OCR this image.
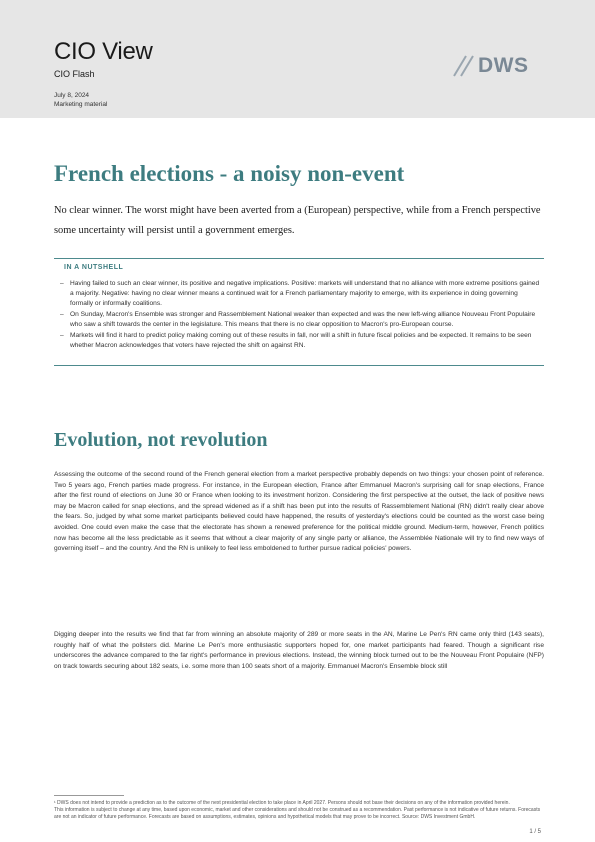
CIO View
CIO Flash
July 8, 2024
Marketing material
DWS
French elections - a noisy non-event

No clear winner. The worst might have been averted from a (European) perspective, while from a French perspective some uncertainty will persist until a government emerges.

IN A NUTSHELL
– Having failed to such an clear winner, its positive and negative implications. Positive: markets will understand that no alliance with more extreme positions gained a majority. Negative: having no clear winner means a continued wait for a French parliamentary majority to emerge, with its experience in doing governing formally or informally coalitions.
– On Sunday, Macron's Ensemble was stronger and Rassemblement National weaker than expected and was the new left-wing alliance Nouveau Front Populaire who saw a shift towards the center in the legislature. This means that there is no clear opposition to Macron's pro-European course.
– Markets will find it hard to predict policy making coming out of these results in fall, nor will a shift in future fiscal policies and be expected. It remains to be seen whether Macron acknowledges that voters have rejected the shift on against RN.
Evolution, not revolution

Assessing the outcome of the second round of the French general election from a market perspective probably depends on two things: your chosen point of reference. Two 5 years ago, French parties made progress. For instance, in the European election, France after Emmanuel Macron's surprising call for snap elections, France after the first round of elections on June 30 or France when looking to its investment horizon. Considering the first perspective at the outset, the lack of positive news may be Macron called for snap elections, and the spread widened as if a shift has been put into the results of Rassemblement National (RN) didn't really clear above the fears. So, judged by what some market participants believed could have happened, the results of yesterday's elections could be counted as the worst case being avoided. One could even make the case that the electorate has shown a renewed preference for the political middle ground. Medium-term, however, French politics now has become all the less predictable as it seems that without a clear majority of any single party or alliance, the Assemblée Nationale will try to find new ways of governing itself – and the country. And the RN is unlikely to feel less emboldened to further pursue radical policies' powers.

Digging deeper into the results we find that far from winning an absolute majority of 289 or more seats in the AN, Marine Le Pen's RN came only third (143 seats), roughly half of what the pollsters did. Marine Le Pen's more enthusiastic supporters hoped for, one market participants had feared. Though a significant rise underscores the advance compared to the far right's performance in previous elections. Instead, the winning block turned out to be the Nouveau Front Populaire (NFP) on track towards securing about 182 seats, i.e. some more than 100 seats short of a majority. Emmanuel Macron's Ensemble block still

¹ DWS does not intend to provide a prediction as to the outcome of the next presidential election to take place in April 2027. Persons should not base their decisions on any of the information provided herein.

This information is subject to change at any time, based upon economic, market and other considerations and should not be construed as a recommendation. Past performance is not indicative of future returns. Forecasts are not an indicator of future performance. Forecasts are based on assumptions, estimates, opinions and hypothetical models that may prove to be incorrect. Source: DWS Investment GmbH.

1 / 5
